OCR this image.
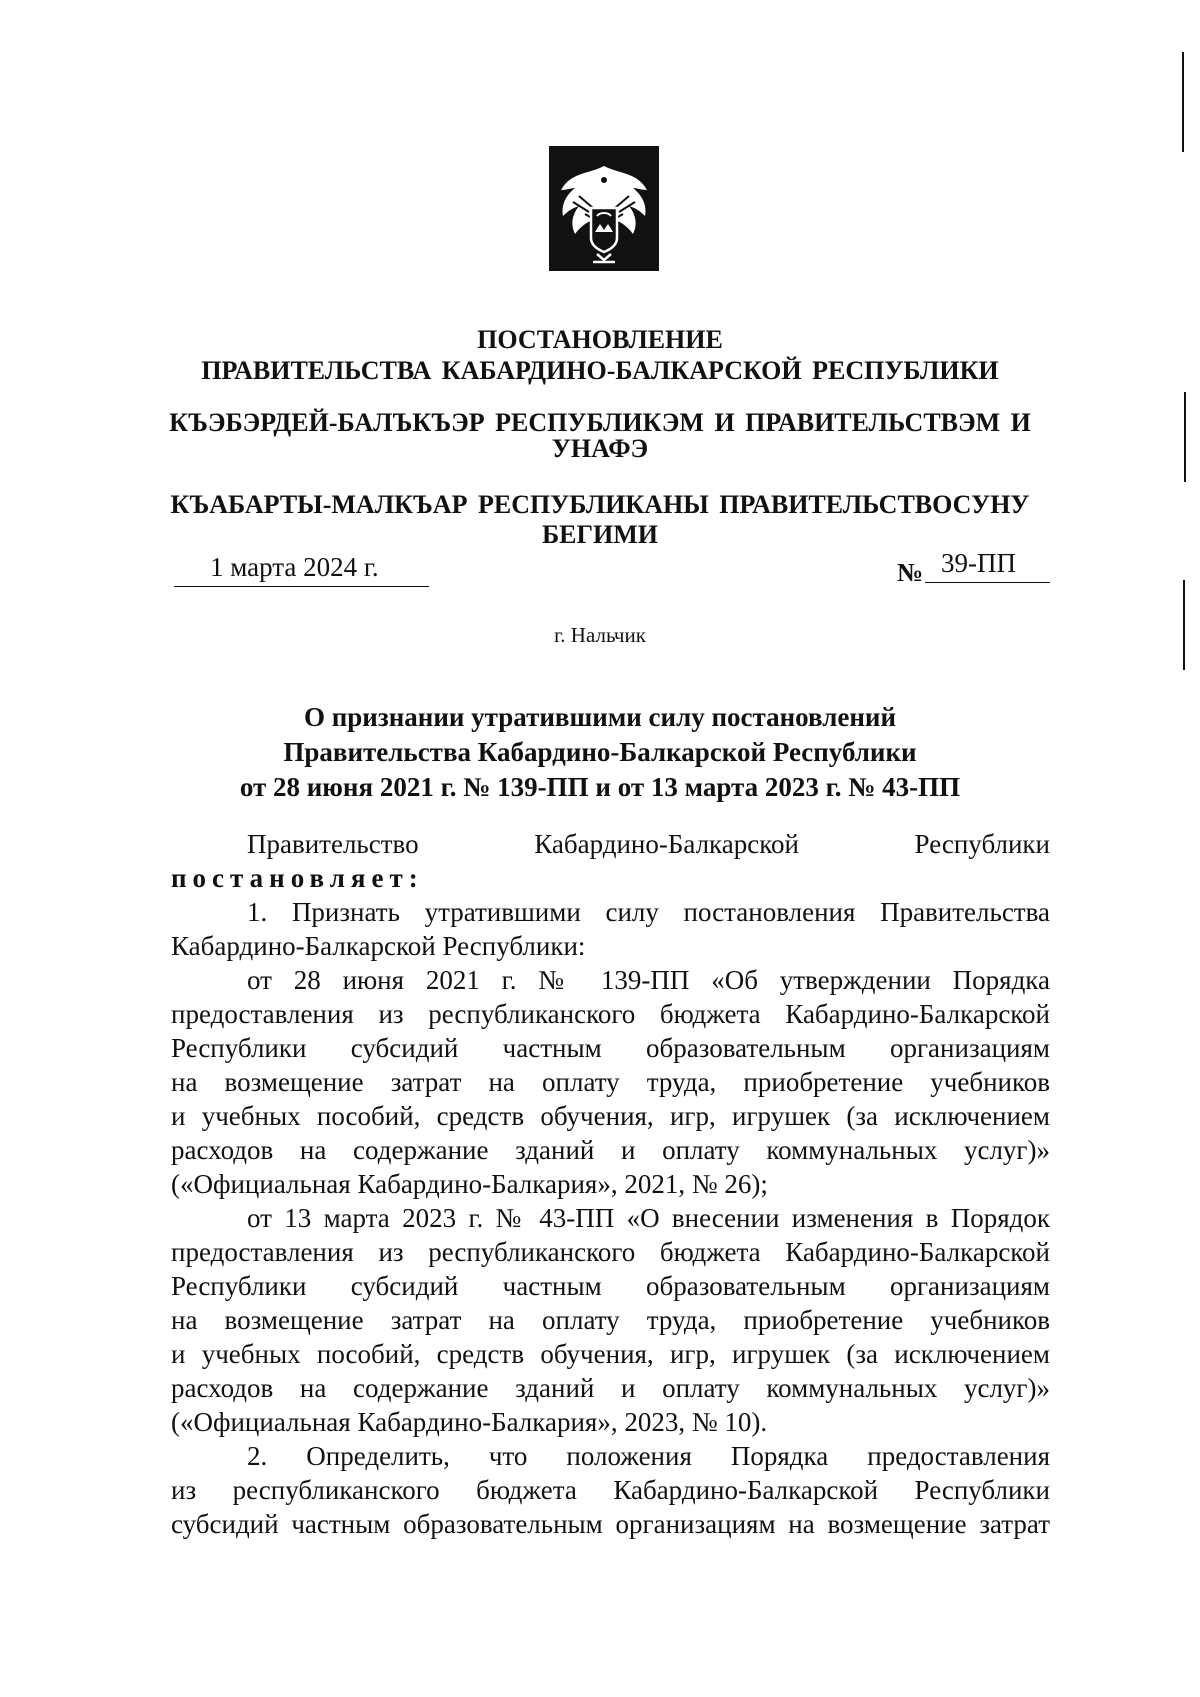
ПОСТАНОВЛЕНИЕ
ПРАВИТЕЛЬСТВА КАБАРДИНО-БАЛКАРСКОЙ РЕСПУБЛИКИ
КЪЭБЭРДЕЙ-БАЛЪКЪЭР РЕСПУБЛИКЭМ И ПРАВИТЕЛЬСТВЭМ И
УНАФЭ
КЪАБАРТЫ-МАЛКЪАР РЕСПУБЛИКАНЫ ПРАВИТЕЛЬСТВОСУНУ
БЕГИМИ
1 марта 2024 г.	№ 39-ПП
г. Нальчик
О признании утратившими силу постановлений
Правительства Кабардино-Балкарской Республики
от 28 июня 2021 г. № 139-ПП и от 13 марта 2023 г. № 43-ПП
Правительство Кабардино-Балкарской Республики
постановляет:
1. Признать утратившими силу постановления Правительства
Кабардино-Балкарской Республики:
от 28 июня 2021 г. № 139-ПП «Об утверждении Порядка
предоставления из республиканского бюджета Кабардино-Балкарской
Республики субсидий частным образовательным организациям
на возмещение затрат на оплату труда, приобретение учебников
и учебных пособий, средств обучения, игр, игрушек (за исключением
расходов на содержание зданий и оплату коммунальных услуг)»
(«Официальная Кабардино-Балкария», 2021, № 26);
от 13 марта 2023 г. № 43-ПП «О внесении изменения в Порядок
предоставления из республиканского бюджета Кабардино-Балкарской
Республики субсидий частным образовательным организациям
на возмещение затрат на оплату труда, приобретение учебников
и учебных пособий, средств обучения, игр, игрушек (за исключением
расходов на содержание зданий и оплату коммунальных услуг)»
(«Официальная Кабардино-Балкария», 2023, № 10).
2. Определить, что положения Порядка предоставления
из республиканского бюджета Кабардино-Балкарской Республики
субсидий частным образовательным организациям на возмещение затрат
